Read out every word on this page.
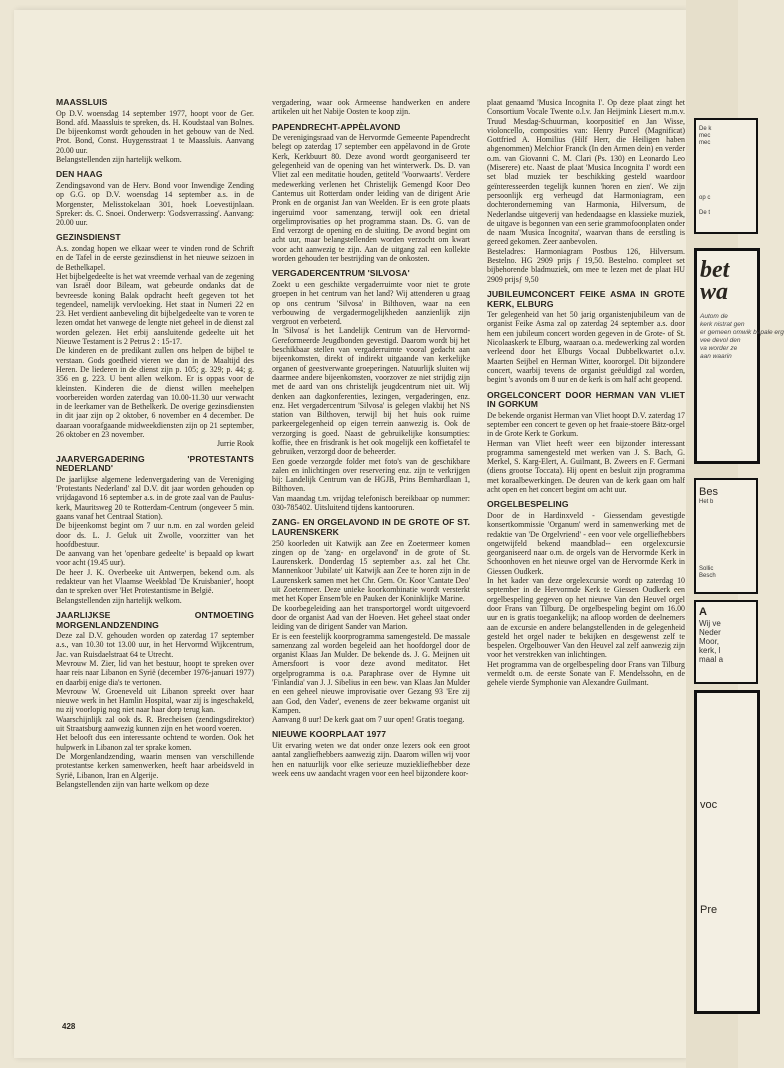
MAASSLUIS

Op D.V. woensdag 14 september 1977, hoopt voor de Ger. Bond. afd. Maassluis te spreken, ds. H. Koudstaal van Bolnes. De bijeenkomst wordt gehouden in het gebouw van de Ned. Prot. Bond, Const. Huygensstraat 1 te Maassluis. Aanvang 20.00 uur.

Belangstellenden zijn hartelijk welkom.

DEN HAAG

Zendingsavond van de Herv. Bond voor Inwendige Zending op G.G. op D.V. woensdag 14 september a.s. in de Morgenster, Melisstokelaan 301, hoek Loevestijnlaan. Spreker: ds. C. Snoei. Onderwerp: 'Godsverrassing'. Aanvang: 20.00 uur.

GEZINSDIENST

A.s. zondag hopen we elkaar weer te vinden rond de Schrift en de Tafel in de eerste gezinsdienst in het nieuwe seizoen in de Bethelkapel.

Het bijbelgedeelte is het wat vreemde verhaal van de zegening van Israël door Bileam, wat gebeurde ondanks dat de bevreesde koning Balak opdracht heeft gegeven tot het tegendeel, namelijk vervloeking. Het staat in Numeri 22 en 23. Het verdient aanbeveling dit bijbelgedeelte van te voren te lezen omdat het vanwege de lengte niet geheel in de dienst zal worden gelezen. Het erbij aansluitende gedeelte uit het Nieuwe Testament is 2 Petrus 2 : 15-17.

De kinderen en de predikant zullen ons helpen de bijbel te verstaan. Gods goedheid vieren we dan in de Maaltijd des Heren. De liederen in de dienst zijn p. 105; g. 329; p. 44; g. 356 en g. 223. U bent allen welkom. Er is oppas voor de kleinsten. Kinderen die de dienst willen meehelpen voorbereiden worden zaterdag van 10.00-11.30 uur verwacht in de leerkamer van de Bethelkerk. De overige gezinsdiensten in dit jaar zijn op 2 oktober, 6 november en 4 december. De daaraan voorafgaande midweekdiensten zijn op 21 september, 26 oktober en 23 november.

Jurrie Rook

JAARVERGADERING 'PROTESTANTS NEDERLAND'

De jaarlijkse algemene ledenvergadering van de Vereniging 'Protestants Nederland' zal D.V. dit jaar worden gehouden op vrijdagavond 16 september a.s. in de grote zaal van de Paulus-kerk, Mauritsweg 20 te Rotterdam-Centrum (ongeveer 5 min. gaans vanaf het Centraal Station).

De bijeenkomst begint om 7 uur n.m. en zal worden geleid door ds. L. J. Geluk uit Zwolle, voorzitter van het hoofdbestuur.

De aanvang van het 'openbare gedeelte' is bepaald op kwart voor acht (19.45 uur).

De heer J. K. Overbeeke uit Antwerpen, bekend o.m. als redakteur van het Vlaamse Weekblad 'De Kruisbanier', hoopt dan te spreken over 'Het Protestantisme in België.

Belangstellenden zijn hartelijk welkom.

JAARLIJKSE ONTMOETING MORGENLANDZENDING

Deze zal D.V. gehouden worden op zaterdag 17 september a.s., van 10.30 tot 13.00 uur, in het Hervormd Wijkcentrum, Jac. van Ruisdaelstraat 64 te Utrecht.

Mevrouw M. Zier, lid van het bestuur, hoopt te spreken over haar reis naar Libanon en Syrië (december 1976-januari 1977) en daarbij enige dia's te vertonen.

Mevrouw W. Groeneveld uit Libanon spreekt over haar nieuwe werk in het Hamlin Hospital, waar zij is ingeschakeld, nu zij voorlopig nog niet naar haar dorp terug kan.

Waarschijnlijk zal ook ds. R. Brecheisen (zendingsdirektor) uit Straatsburg aanwezig kunnen zijn en het woord voeren.

Het belooft dus een interessante ochtend te worden. Ook het hulpwerk in Libanon zal ter sprake komen.

De Morgenlandzending, waarin mensen van verschillende protestantse kerken samenwerken, heeft haar arbeidsveld in Syrië, Libanon, Iran en Algerije.

Belangstellenden zijn van harte welkom op deze

vergadering, waar ook Armeense handwerken en andere artikelen uit het Nabije Oosten te koop zijn.

PAPENDRECHT-APPÈLAVOND

De verenigingsraad van de Hervormde Gemeente Papendrecht belegt op zaterdag 17 september een appèlavond in de Grote Kerk, Kerkbuurt 80. Deze avond wordt georganiseerd ter gelegenheid van de opening van het winterwerk. Ds. D. van Vliet zal een meditatie houden, getiteld 'Voorwaarts'. Verdere medewerking verlenen het Christelijk Gemengd Koor Deo Cantemus uit Rotterdam onder leiding van de dirigent Arie Pronk en de organist Jan van Weelden. Er is een grote plaats ingeruimd voor samenzang, terwijl ook een drietal orgelimprovisaties op het programma staan. Ds. G. van de End verzorgt de opening en de sluiting. De avond begint om acht uur, maar belangstellenden worden verzocht om kwart voor acht aanwezig te zijn. Aan de uitgang zal een kollekte worden gehouden ter bestrijding van de onkosten.

VERGADERCENTRUM 'SILVOSA'

Zoekt u een geschikte vergaderruimte voor niet te grote groepen in het centrum van het land? Wij attenderen u graag op ons centrum 'Silvosa' in Bilthoven, waar na een verbouwing de vergadermogelijkheden aanzienlijk zijn vergroot en verbeterd.

In 'Silvosa' is het Landelijk Centrum van de Hervormd-Gereformeerde Jeugdbonden gevestigd. Daarom wordt bij het beschikbaar stellen van vergaderruimte vooral gedacht aan bijeenkomsten, direkt of indirekt uitgaande van kerkelijke organen of geestverwante groeperingen. Natuurlijk sluiten wij daarmee andere bijeenkomsten, voorzover ze niet strijdig zijn met de aard van ons christelijk jeugdcentrum niet uit. Wij denken aan dagkonferenties, lezingen, vergaderingen, enz. enz. Het vergadercentrum 'Silvosa' is gelegen vlakbij het NS station van Bilthoven, terwijl bij het huis ook ruime parkeergelegenheid op eigen terrein aanwezig is. Ook de verzorging is goed. Naast de gebruikelijke konsumpties: koffie, thee en frisdrank is het ook mogelijk een koffietafel te gebruiken, verzorgd door de beheerder.

Een goede verzorgde folder met foto's van de geschikbare zalen en inlichtingen over reservering enz. zijn te verkrijgen bij: Landelijk Centrum van de HGJB, Prins Bernhardlaan 1, Bilthoven.

Van maandag t.m. vrijdag telefonisch bereikbaar op nummer: 030-785402. Uitsluitend tijdens kantooruren.

ZANG- EN ORGELAVOND IN DE GROTE OF ST. LAURENSKERK

250 koorleden uit Katwijk aan Zee en Zoetermeer komen zingen op de 'zang- en orgelavond' in de grote of St. Laurenskerk. Donderdag 15 september a.s. zal het Chr. Mannenkoor 'Jubilate' uit Katwijk aan Zee te horen zijn in de Laurenskerk samen met het Chr. Gem. Or. Koor 'Cantate Deo' uit Zoetermeer. Deze unieke koorkombinatie wordt versterkt met het Koper Ensem'ble en Pauken der Koninklijke Marine.

De koorbegeleiding aan het transportorgel wordt uitgevoerd door de organist Aad van der Hoeven. Het geheel staat onder leiding van de dirigent Sander van Marion.

Er is een feestelijk koorprogramma samengesteld. De massale samenzang zal worden begeleid aan het hoofdorgel door de organist Klaas Jan Mulder. De bekende ds. J. G. Meijnen uit Amersfoort is voor deze avond meditator. Het orgelprogramma is o.a. Paraphrase over de Hymne uit 'Finlandia' van J. J. Sibelius in een bew. van Klaas Jan Mulder en een geheel nieuwe improvisatie over Gezang 93 'Ere zij aan God, den Vader', evenens de zeer bekwame organist uit Kampen.

Aanvang 8 uur! De kerk gaat om 7 uur open! Gratis toegang.

NIEUWE KOORPLAAT 1977

Uit ervaring weten we dat onder onze lezers ook een groot aantal zangliefhebbers aanwezig zijn. Daarom willen wij voor hen en natuurlijk voor elke serieuze muziekliefhebber deze week eens uw aandacht vragen voor een heel bijzondere koor-

plaat genaamd 'Musica Incognita I'. Op deze plaat zingt het Consortium Vocale Twente o.l.v. Jan Heijmink Liesert m.m.v. Truud Mesdag-Schuurman, koorpositief en Jan Wisse, violoncello, composities van: Henry Purcel (Magnificat) Gottfried A. Homilius (Hilf Herr, die Heiligen haben abgenommen) Melchior Franck (In den Armen dein) en verder o.m. van Giovanni C. M. Clari (Ps. 130) en Leonardo Leo (Miserere) etc. Naast de plaat 'Musica Incognita I' wordt een set blad muziek ter beschikking gesteld waardoor geïnteresseerden tegelijk kunnen 'horen en zien'. We zijn persoonlijk erg verheugd dat Harmoniagram, een dochteronderneming van Harmonia, Hilversum, de Nederlandse uitgeverij van hedendaagse en klassieke muziek, de uitgave is begonnen van een serie grammofoonplaten onder de naam 'Musica Incognita', waarvan thans de eerstling is gereed gekomen. Zeer aanbevolen.

Besteladres: Harmoniagram Postbus 126, Hilversum. Bestelno. HG 2909 prijs ƒ 19,50. Bestelno. compleet set bijbehorende bladmuziek, om mee te lezen met de plaat HU 2909 prijsƒ 9,50

JUBILEUMCONCERT FEIKE ASMA IN GROTE KERK, ELBURG

Ter gelegenheid van het 50 jarig organistenjubileum van de organist Feike Asma zal op zaterdag 24 september a.s. door hem een jubileum concert worden gegeven in de Grote- of St. Nicolaaskerk te Elburg, waaraan o.a. medewerking zal worden verleend door het Elburgs Vocaal Dubbelkwartet o.l.v. Maarten Seijbel en Herman Witter, koororgel. Dit bijzondere concert, waarbij tevens de organist geëuldigd zal worden, begint 's avonds om 8 uur en de kerk is om half acht geopend.

ORGELCONCERT DOOR HERMAN VAN VLIET IN GORKUM

De bekende organist Herman van Vliet hoopt D.V. zaterdag 17 september een concert te geven op het fraaie-stoere Bätz-orgel in de Grote Kerk te Gorkum.

Herman van Vliet heeft weer een bijzonder interessant programma samengesteld met werken van J. S. Bach, G. Merkel, S. Karg-Elert, A. Guilmant, B. Zweers en F. Germani (diens grootse Toccata). Hij opent en besluit zijn programma met koraalbewerkingen. De deuren van de kerk gaan om half acht open en het concert begint om acht uur.

ORGELBESPELING

Door de in Hardinxveld - Giessendam gevestigde konsertkommissie 'Organum' werd in samenwerking met de redaktie van 'De Orgelvriend' - een voor vele orgelliefhebbers ongetwijfeld bekend maandblad-- een orgelexcursie georganiseerd naar o.m. de orgels van de Hervormde Kerk in Schoonhoven en het nieuwe orgel van de Hervormde Kerk in Giessen Oudkerk.

In het kader van deze orgelexcursie wordt op zaterdag 10 september in de Hervormde Kerk te Giessen Oudkerk een orgelbespeling gegeven op het nieuwe Van den Heuvel orgel door Frans van Tilburg. De orgelbespeling begint om 16.00 uur en is gratis toegankelijk; na afloop worden de deelnemers aan de excursie en andere belangstellenden in de gelegenheid gesteld het orgel nader te bekijken en desgewenst zelf te bespelen. Orgelbouwer Van den Heuvel zal zelf aanwezig zijn voor het verstrekken van inlichtingen.

Het programma van de orgelbespeling door Frans van Tilburg vermeldt o.m. de eerste Sonate van F. Mendelssohn, en de gehele vierde Symphonie van Alexandre Guilmant.

428
De k
mec
mec
op c
De t
bet
wa
Autom de kerk nistrat gen er gemeen omwik bepale erg vee devol den va worder ze aan waarin
Bes
Het b
Sollic
Besch
A
Wij ve
Neder
Moor,
kerk, l
maal a
voc
Pre
